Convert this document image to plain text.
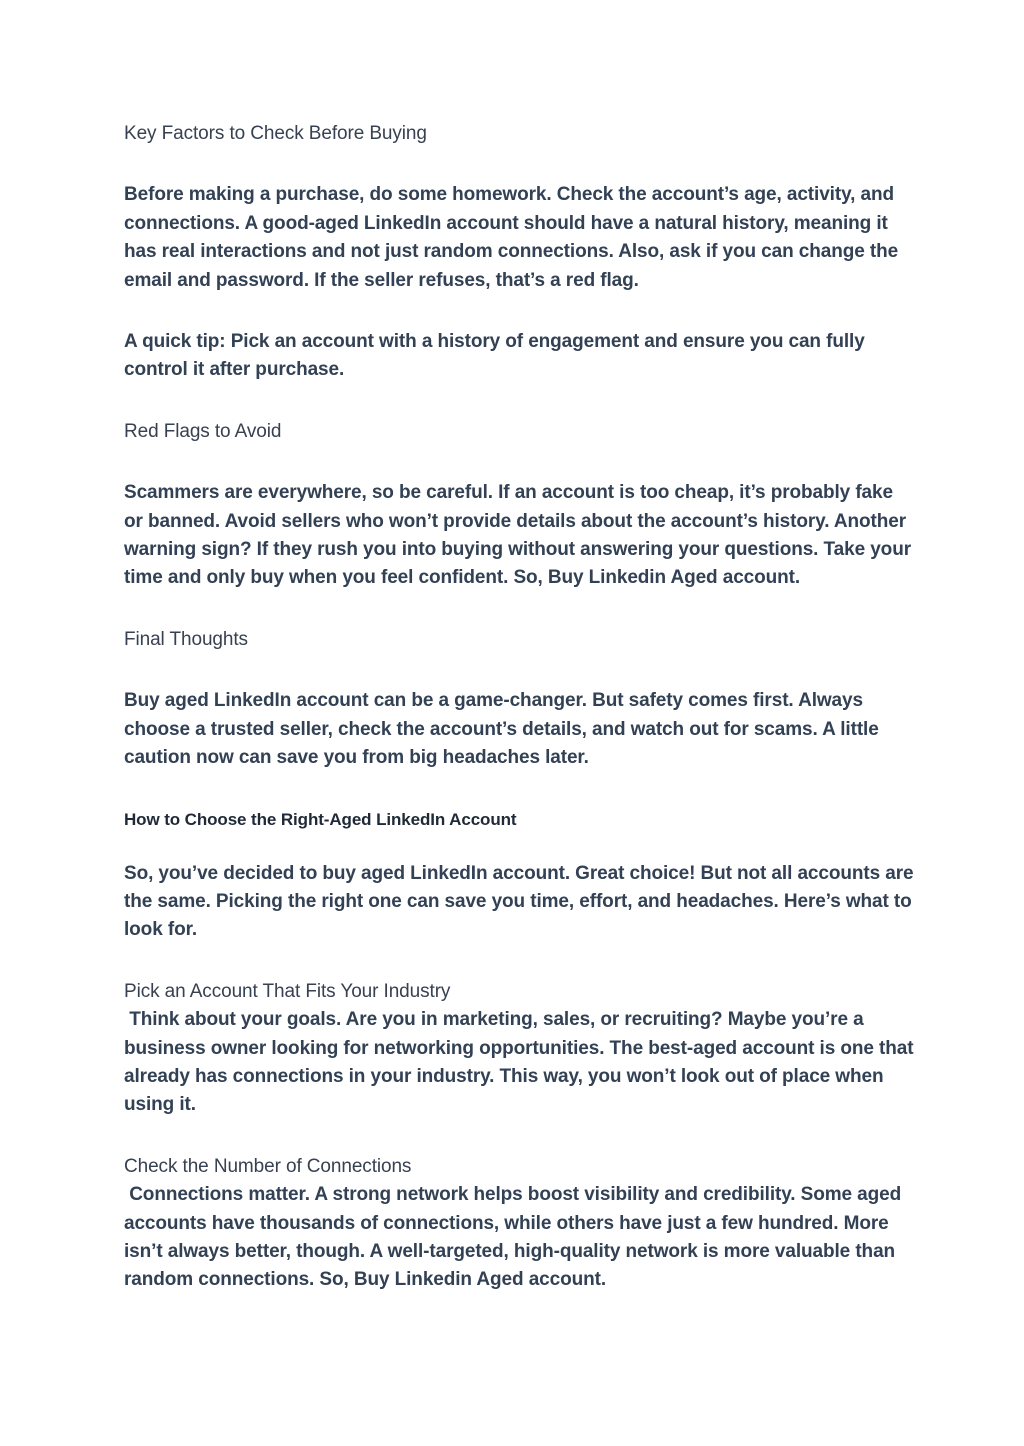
Key Factors to Check Before Buying
Before making a purchase, do some homework. Check the account’s age, activity, and connections. A good-aged LinkedIn account should have a natural history, meaning it has real interactions and not just random connections. Also, ask if you can change the email and password. If the seller refuses, that’s a red flag.
A quick tip: Pick an account with a history of engagement and ensure you can fully control it after purchase.
Red Flags to Avoid
Scammers are everywhere, so be careful. If an account is too cheap, it’s probably fake or banned. Avoid sellers who won’t provide details about the account’s history. Another warning sign? If they rush you into buying without answering your questions. Take your time and only buy when you feel confident. So, Buy Linkedin Aged account.
Final Thoughts
Buy aged LinkedIn account can be a game-changer. But safety comes first. Always choose a trusted seller, check the account’s details, and watch out for scams. A little caution now can save you from big headaches later.
How to Choose the Right-Aged LinkedIn Account
So, you’ve decided to buy aged LinkedIn account. Great choice! But not all accounts are the same. Picking the right one can save you time, effort, and headaches. Here’s what to look for.
Pick an Account That Fits Your Industry
Think about your goals. Are you in marketing, sales, or recruiting? Maybe you’re a business owner looking for networking opportunities. The best-aged account is one that already has connections in your industry. This way, you won’t look out of place when using it.
Check the Number of Connections
Connections matter. A strong network helps boost visibility and credibility. Some aged accounts have thousands of connections, while others have just a few hundred. More isn’t always better, though. A well-targeted, high-quality network is more valuable than random connections. So, Buy Linkedin Aged account.
